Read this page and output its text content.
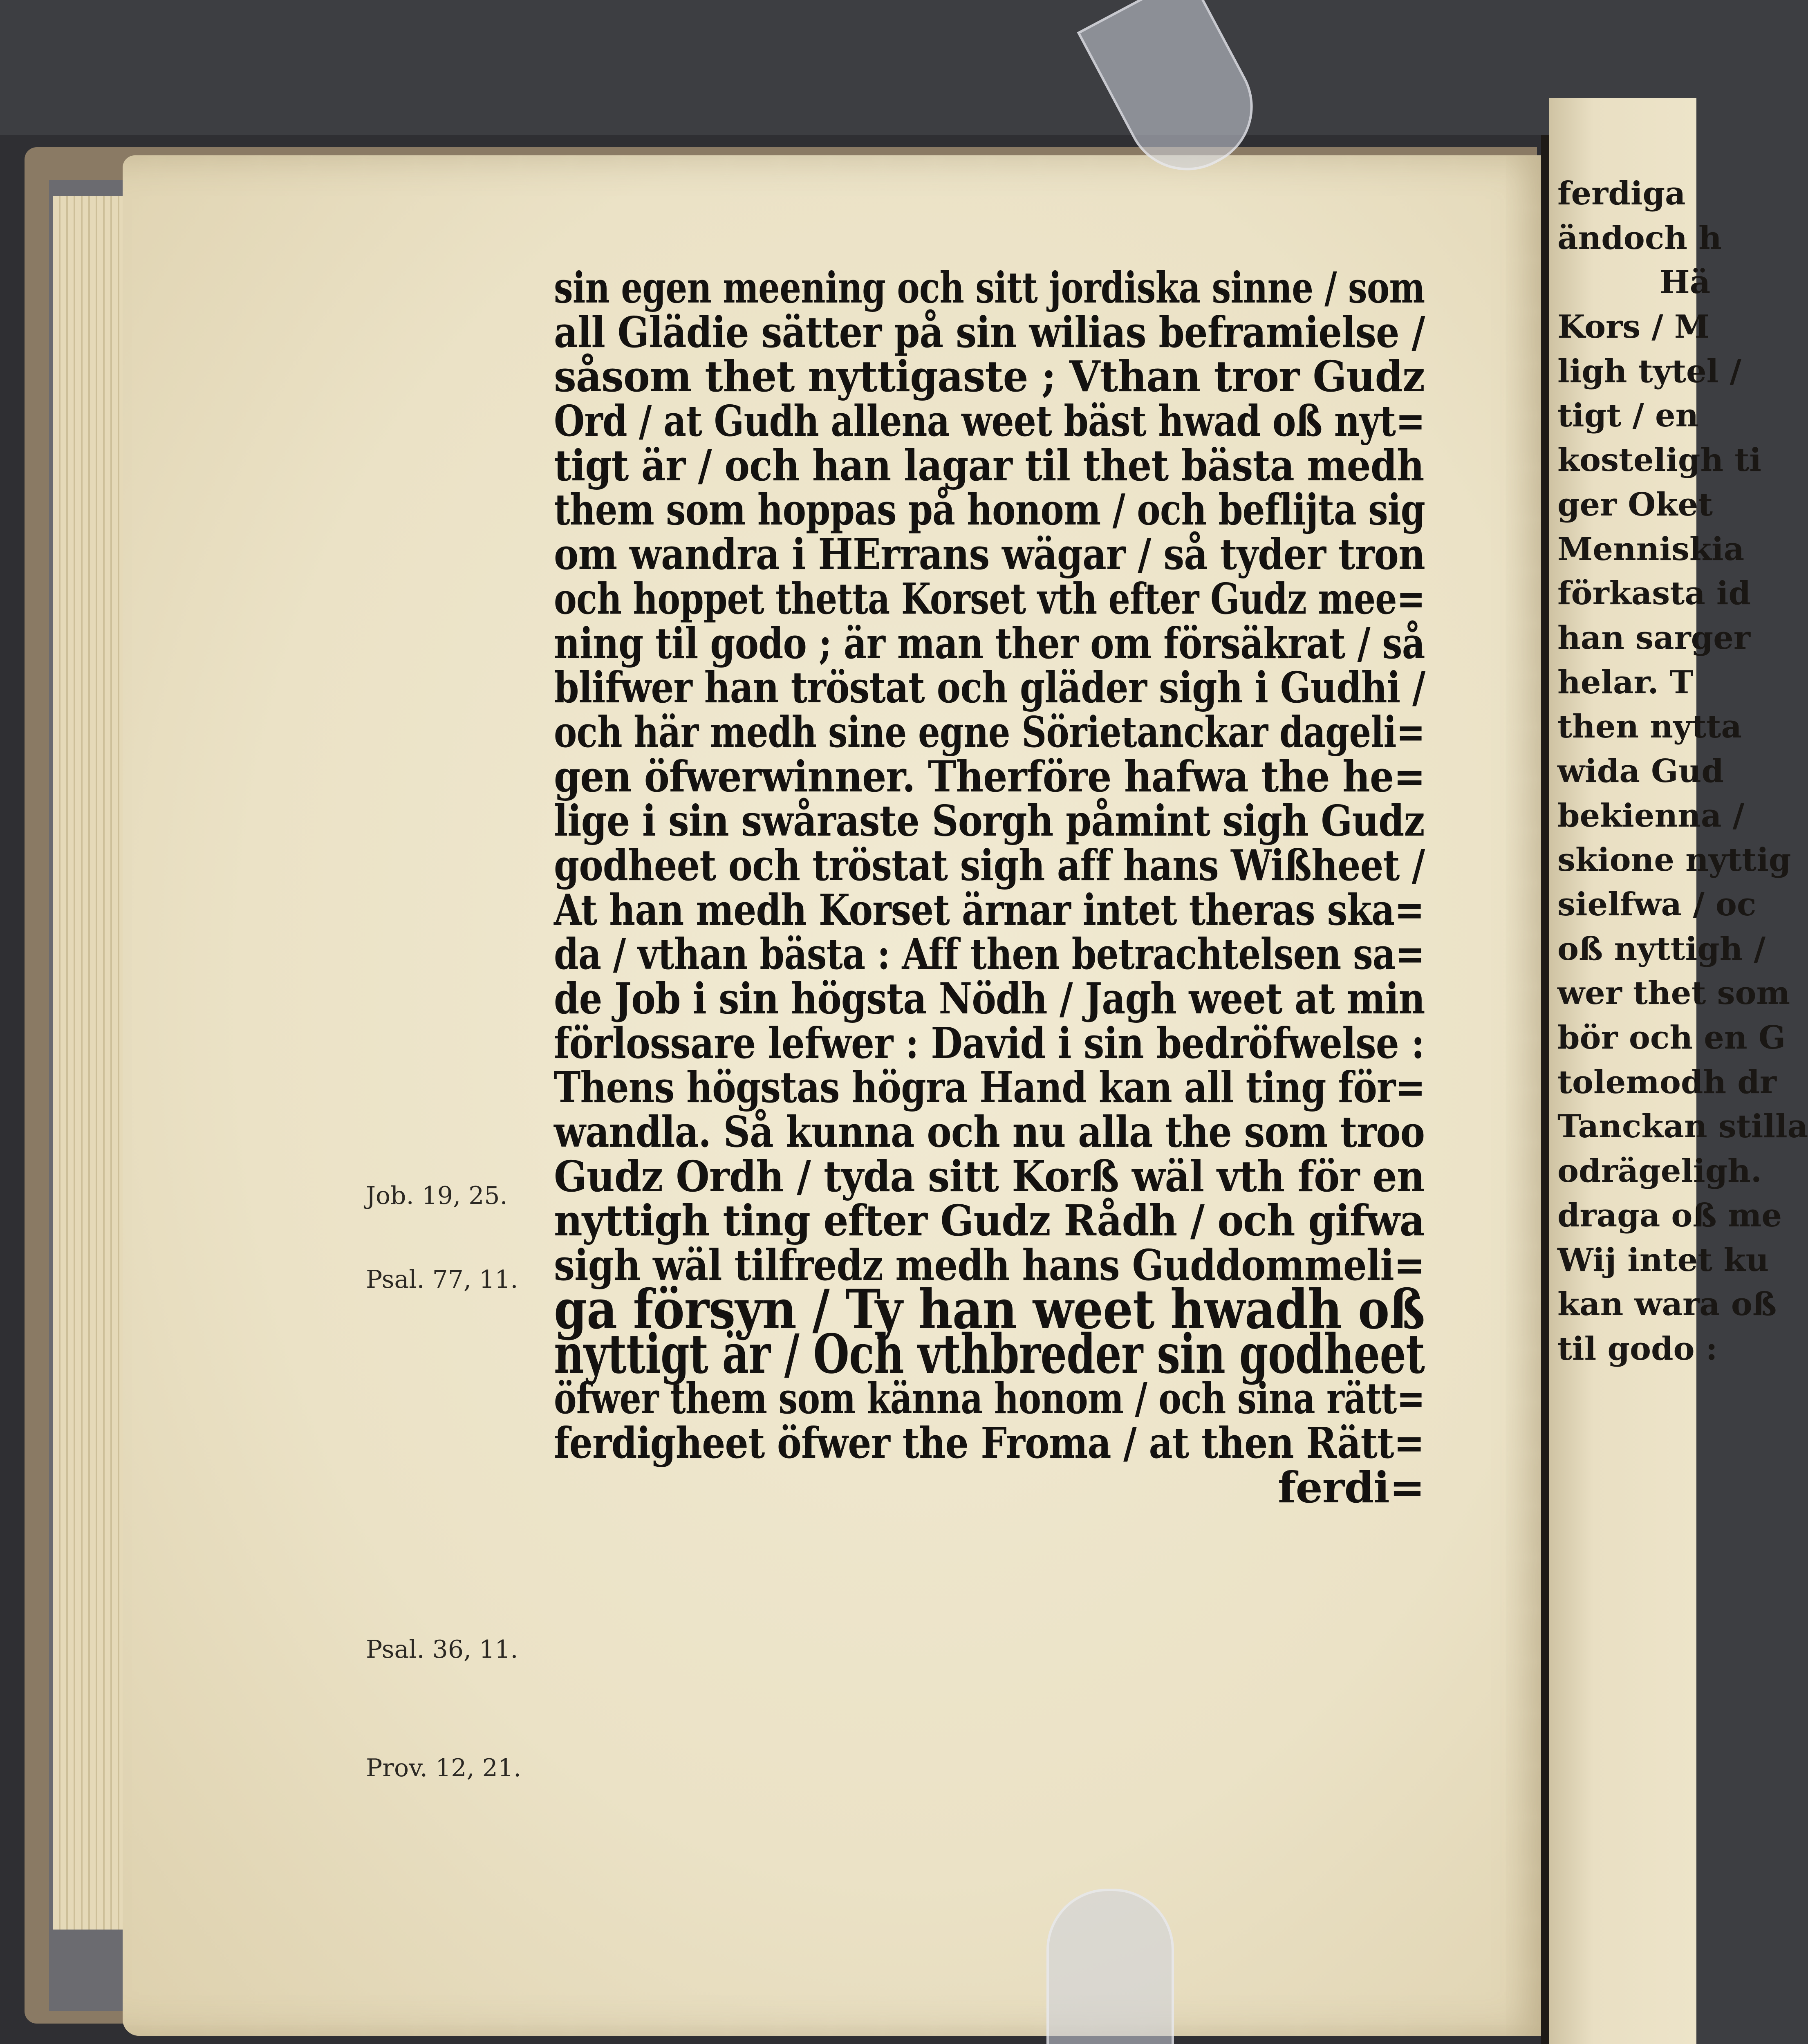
sin egen meening och sitt jordiska sinne / som
all Glädie sätter på sin wilias beframielse /
såsom thet nyttigaste ; Vthan tror Gudz
Ord / at Gudh allena weet bäst hwad oß nyt=
tigt är / och han lagar til thet bästa medh
them som hoppas på honom / och beflijta sig
om wandra i HErrans wägar / så tyder tron
och hoppet thetta Korset vth efter Gudz mee=
ning til godo ; är man ther om försäkrat / så
blifwer han tröstat och gläder sigh i Gudhi /
och här medh sine egne Sörietanckar dageli=
gen öfwerwinner. Therföre hafwa the he=
lige i sin swåraste Sorgh påmint sigh Gudz
godheet och tröstat sigh aff hans Wißheet /
At han medh Korset ärnar intet theras ska=
da / vthan bästa : Aff then betrachtelsen sa=
de Job i sin högsta Nödh / Jagh weet at min
förlossare lefwer : David i sin bedröfwelse :
Thens högstas högra Hand kan all ting för=
wandla. Så kunna och nu alla the som troo
Gudz Ordh / tyda sitt Korß wäl vth för en
nyttigh ting efter Gudz Rådh / och gifwa
sigh wäl tilfredz medh hans Guddommeli=
ga försyn / Ty han weet hwadh oß
nyttigt är / Och vthbreder sin godheet
öfwer them som känna honom / och sina rätt=
ferdigheet öfwer the Froma / at then Rätt=
ferdi=
Job. 19, 25.
Psal. 77, 11.
Psal. 36, 11.
Prov. 12, 21.
ferdiga
ändoch h
Hä
Kors / M
ligh tytel /
tigt / en
kosteligh ti
ger Oket
Menniskia
förkasta id
han sarger
helar. T
then nytta
wida Gud
bekienna /
skione nyttig
sielfwa / oc
oß nyttigh /
wer thet som
bör och en G
tolemodh dr
Tanckan stilla
odrägeligh.
draga oß me
Wij intet ku
kan wara oß
til godo :
